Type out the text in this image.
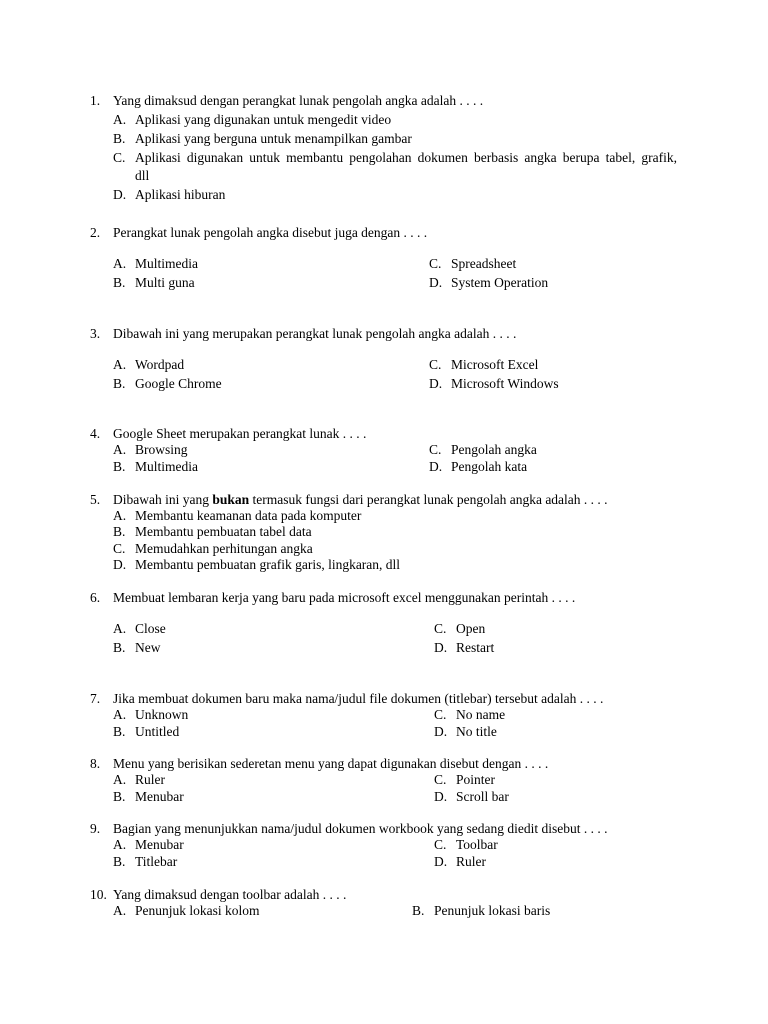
1. Yang dimaksud dengan perangkat lunak pengolah angka adalah . . . .
A. Aplikasi yang digunakan untuk mengedit video
B. Aplikasi yang berguna untuk menampilkan gambar
C. Aplikasi digunakan untuk membantu pengolahan dokumen berbasis angka berupa tabel, grafik,
dll
D. Aplikasi hiburan
2. Perangkat lunak pengolah angka disebut juga dengan . . . .
A. Multimedia
B. Multi guna
C. Spreadsheet
D. System Operation
3. Dibawah ini yang merupakan perangkat lunak pengolah angka adalah . . . .
A. Wordpad
B. Google Chrome
C. Microsoft Excel
D. Microsoft Windows
4. Google Sheet merupakan perangkat lunak . . . .
A. Browsing
B. Multimedia
C. Pengolah angka
D. Pengolah kata
5. Dibawah ini yang bukan termasuk fungsi dari perangkat lunak pengolah angka adalah . . . .
A. Membantu keamanan data pada komputer
B. Membantu pembuatan tabel data
C. Memudahkan perhitungan angka
D. Membantu pembuatan grafik garis, lingkaran, dll
6. Membuat lembaran kerja yang baru pada microsoft excel menggunakan perintah . . . .
A. Close
B. New
C. Open
D. Restart
7. Jika membuat dokumen baru maka nama/judul file dokumen (titlebar) tersebut adalah . . . .
A. Unknown
B. Untitled
C. No name
D. No title
8. Menu yang berisikan sederetan menu yang dapat digunakan disebut dengan . . . .
A. Ruler
B. Menubar
C. Pointer
D. Scroll bar
9. Bagian yang menunjukkan nama/judul dokumen workbook yang sedang diedit disebut . . . .
A. Menubar
B. Titlebar
C. Toolbar
D. Ruler
10. Yang dimaksud dengan toolbar adalah . . . .
A. Penunjuk lokasi kolom	B. Penunjuk lokasi baris
